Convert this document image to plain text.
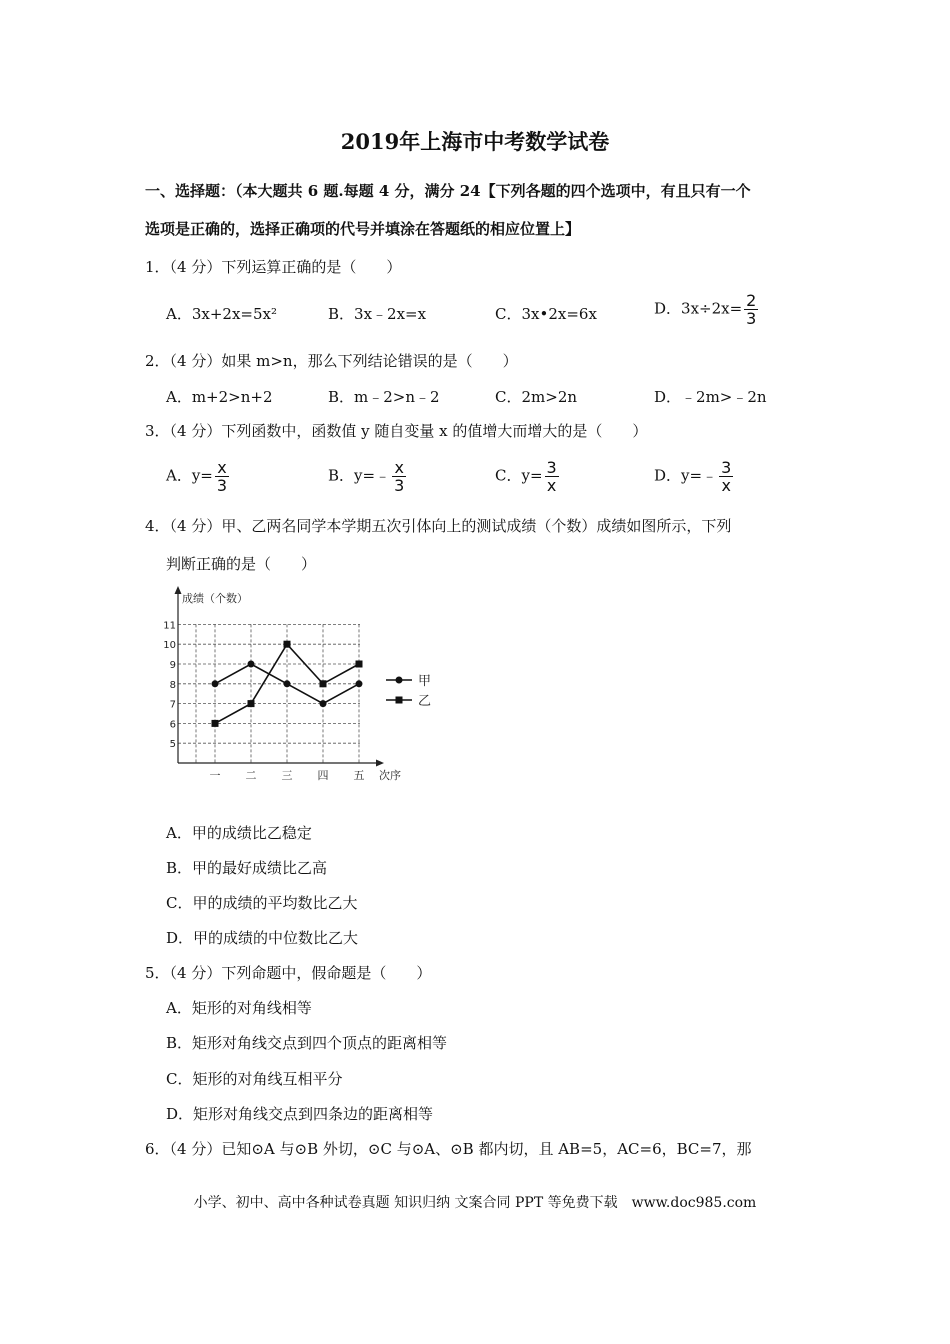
2019年上海市中考数学试卷
一、选择题：（本大题共 6 题.每题 4 分，满分 24【下列各题的四个选项中，有且只有一个
选项是正确的，选择正确项的代号并填涂在答题纸的相应位置上】
1．（4 分）下列运算正确的是（　　）
A．3x+2x=5x²	B．3x﹣2x=x	C．3x•2x=6x	D．$3x\div 2x= \frac{2}{3}$
2．（4 分）如果 m>n，那么下列结论错误的是（　　）
A．m+2>n+2	B．m﹣2>n﹣2	C．2m>2n	D．﹣2m>﹣2n
3．（4 分）下列函数中，函数值 y 随自变量 x 的值增大而增大的是（　　）
A．$y= \frac{x}{3}$	B．y=﹣ $\frac{x}{3}$	C．$y= \frac{3}{x}$	D．y=﹣ $\frac{3}{x}$
4．（4 分）甲、乙两名同学本学期五次引体向上的测试成绩（个数）成绩如图所示，下列
判断正确的是（　　）
成绩（个数）
次序
5
6
7
8
9
10
11
一 二 三 四 五
甲
乙
A．甲的成绩比乙稳定
B．甲的最好成绩比乙高
C．甲的成绩的平均数比乙大
D．甲的成绩的中位数比乙大
5．（4 分）下列命题中，假命题是（　　）
A．矩形的对角线相等
B．矩形对角线交点到四个顶点的距离相等
C．矩形的对角线互相平分
D．矩形对角线交点到四条边的距离相等
6．（4 分）已知⊙A 与⊙B 外切，⊙C 与⊙A、⊙B 都内切，且 AB=5，AC=6，BC=7，那
小学、初中、高中各种试卷真题 知识归纳 文案合同 PPT 等免费下载　www.doc985.com
